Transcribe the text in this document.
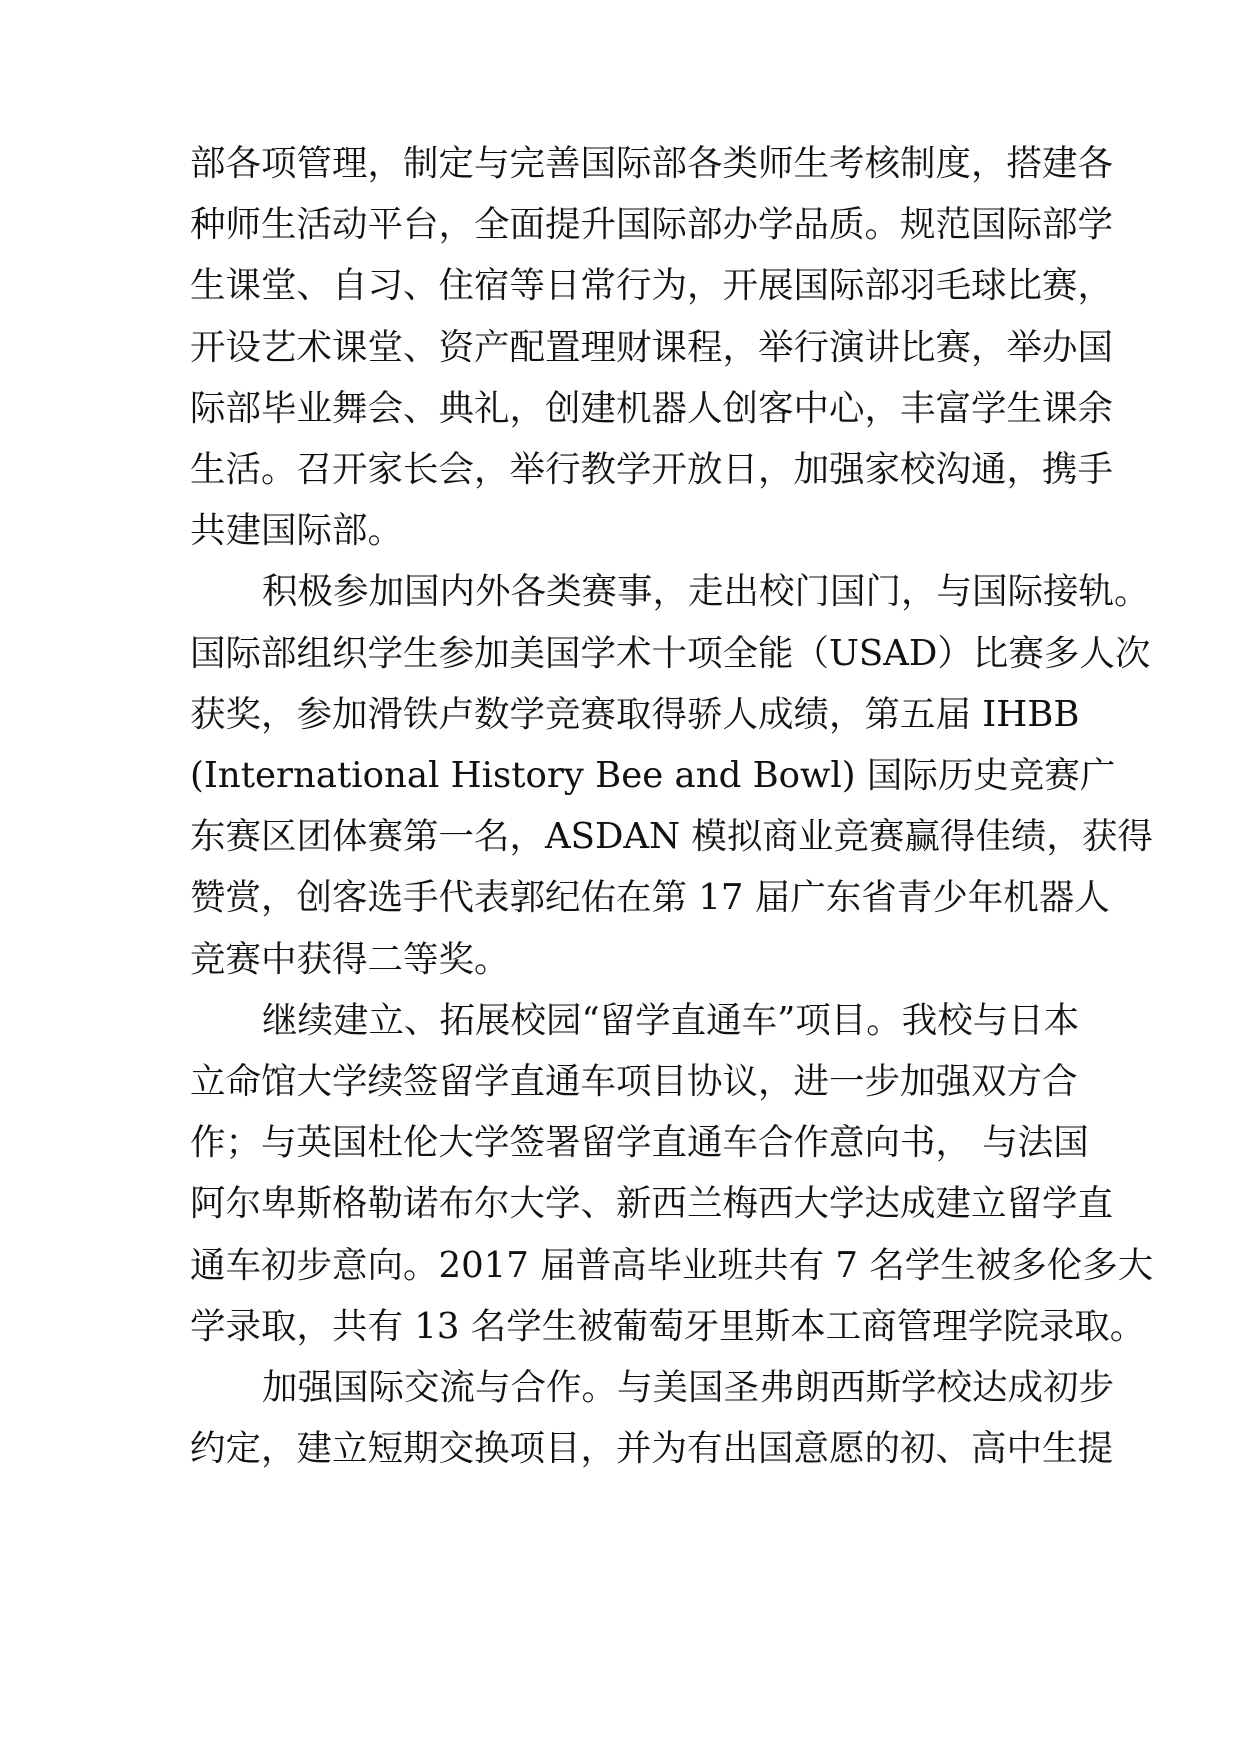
部各项管理，制定与完善国际部各类师生考核制度，搭建各
种师生活动平台，全面提升国际部办学品质。规范国际部学
生课堂、自习、住宿等日常行为，开展国际部羽毛球比赛，
开设艺术课堂、资产配置理财课程，举行演讲比赛，举办国
际部毕业舞会、典礼，创建机器人创客中心，丰富学生课余
生活。召开家长会，举行教学开放日，加强家校沟通，携手
共建国际部。
积极参加国内外各类赛事，走出校门国门，与国际接轨。
国际部组织学生参加美国学术十项全能（USAD）比赛多人次
获奖，参加滑铁卢数学竞赛取得骄人成绩，第五届 IHBB
(International History Bee and Bowl) 国际历史竞赛广
东赛区团体赛第一名，ASDAN 模拟商业竞赛赢得佳绩，获得
赞赏，创客选手代表郭纪佑在第 17 届广东省青少年机器人
竞赛中获得二等奖。
继续建立、拓展校园“留学直通车”项目。我校与日本
立命馆大学续签留学直通车项目协议，进一步加强双方合
作；与英国杜伦大学签署留学直通车合作意向书， 与法国
阿尔卑斯格勒诺布尔大学、新西兰梅西大学达成建立留学直
通车初步意向。2017 届普高毕业班共有 7 名学生被多伦多大
学录取，共有 13 名学生被葡萄牙里斯本工商管理学院录取。
加强国际交流与合作。与美国圣弗朗西斯学校达成初步
约定，建立短期交换项目，并为有出国意愿的初、高中生提
